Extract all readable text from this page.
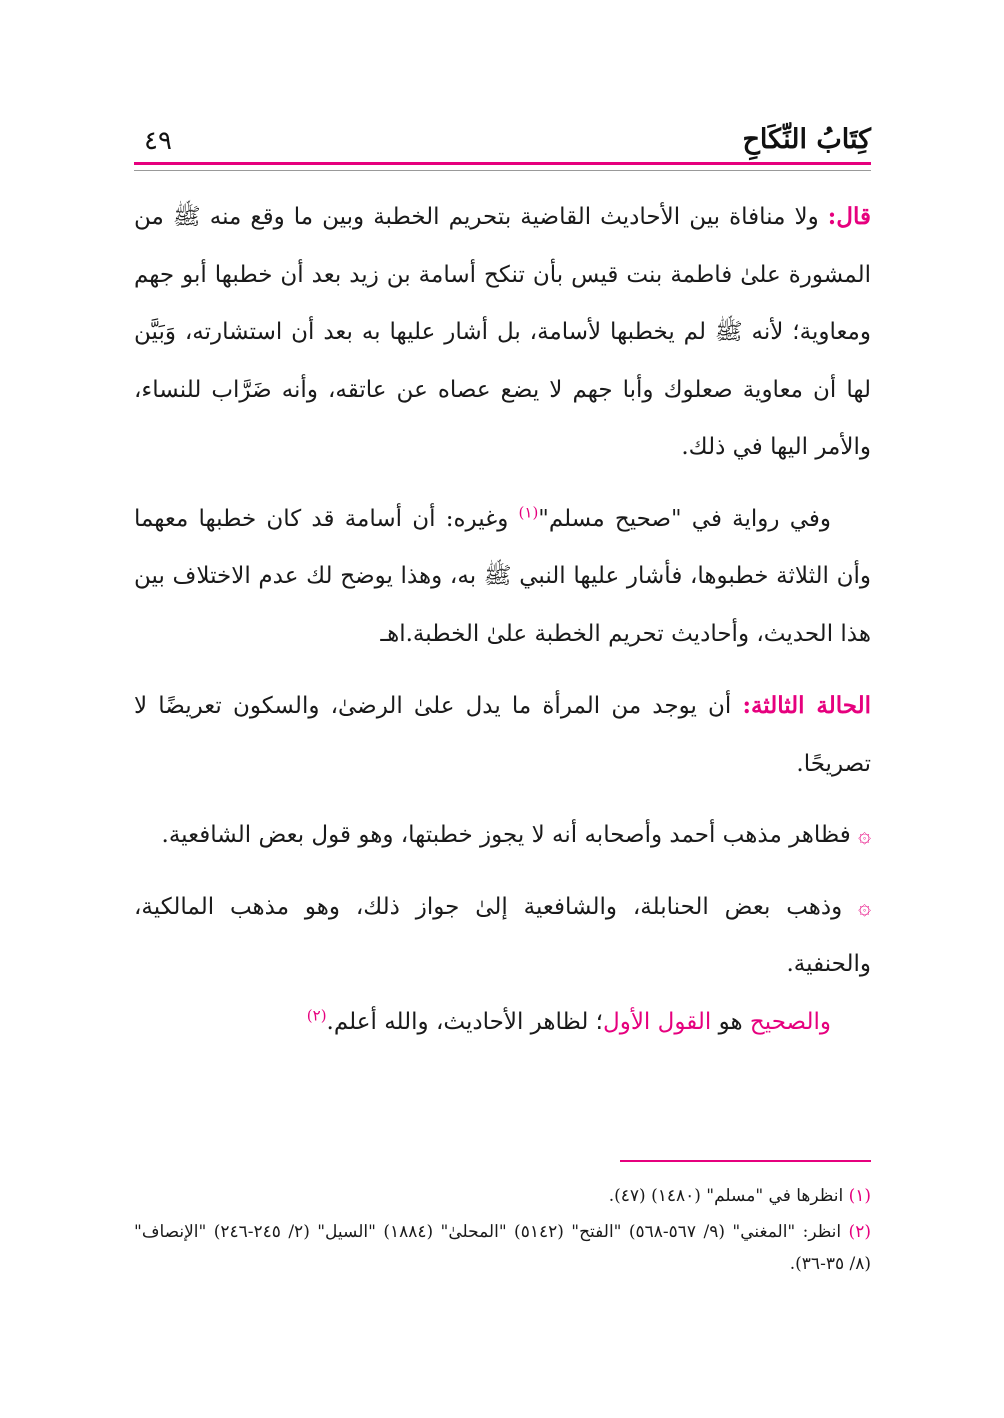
كِتَابُ النِّكَاحِ
٤٩

قال: ولا منافاة بين الأحاديث القاضية بتحريم الخطبة وبين ما وقع منه ﷺ من المشورة علىٰ فاطمة بنت قيس بأن تنكح أسامة بن زيد بعد أن خطبها أبو جهم ومعاوية؛ لأنه ﷺ لم يخطبها لأسامة، بل أشار عليها به بعد أن استشارته، وَبَيَّن لها أن معاوية صعلوك وأبا جهم لا يضع عصاه عن عاتقه، وأنه ضَرَّاب للنساء، والأمر اليها في ذلك.

وفي رواية في "صحيح مسلم"$^{(١)}$ وغيره: أن أسامة قد كان خطبها معهما وأن الثلاثة خطبوها، فأشار عليها النبي ﷺ به، وهذا يوضح لك عدم الاختلاف بين هذا الحديث، وأحاديث تحريم الخطبة علىٰ الخطبة.اهـ

الحالة الثالثة: أن يوجد من المرأة ما يدل علىٰ الرضىٰ، والسكون تعريضًا لا تصريحًا.

۞ فظاهر مذهب أحمد وأصحابه أنه لا يجوز خطبتها، وهو قول بعض الشافعية.

۞ وذهب بعض الحنابلة، والشافعية إلىٰ جواز ذلك، وهو مذهب المالكية، والحنفية.

والصحيح هو القول الأول؛ لظاهر الأحاديث، والله أعلم.$^{(٢)}$

(١) انظرها في "مسلم" (١٤٨٠) (٤٧).

(٢) انظر: "المغني" (٩/ ٥٦٧-٥٦٨) "الفتح" (٥١٤٢) "المحلىٰ" (١٨٨٤) "السيل" (٢/ ٢٤٥-٢٤٦) "الإنصاف" (٨/ ٣٥-٣٦).
